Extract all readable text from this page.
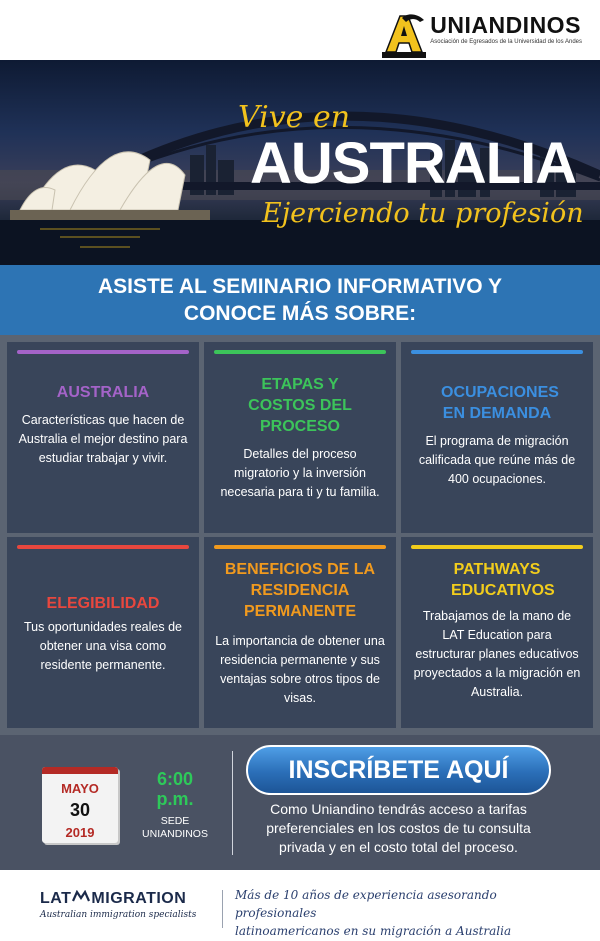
UNIANDINOS
Asociación de Egresados de la Universidad de los Andes
Vive en
AUSTRALIA
Ejerciendo tu profesión
ASISTE AL SEMINARIO INFORMATIVO Y
CONOCE MÁS SOBRE:
AUSTRALIA
Características que hacen de Australia el mejor destino para estudiar trabajar y vivir.
ETAPAS Y COSTOS DEL PROCESO
Detalles del proceso migratorio y la inversión necesaria para ti y tu familia.
OCUPACIONES EN DEMANDA
El programa de migración calificada que reúne más de 400 ocupaciones.
ELEGIBILIDAD
Tus oportunidades reales de obtener una visa como residente permanente.
BENEFICIOS DE LA RESIDENCIA PERMANENTE
La importancia de obtener una residencia permanente y sus ventajas sobre otros tipos de visas.
PATHWAYS EDUCATIVOS
Trabajamos de la mano de LAT Education para estructurar planes educativos proyectados a la migración en Australia.
MAYO
30
2019
6:00
p.m.
SEDE
UNIANDINOS
INSCRÍBETE AQUÍ
Como Uniandino tendrás acceso a tarifas preferenciales en los costos de tu consulta privada y en el costo total del proceso.
LAT MIGRATION
Australian immigration specialists
Más de 10 años de experiencia asesorando profesionales
latinoamericanos en su migración a Australia
